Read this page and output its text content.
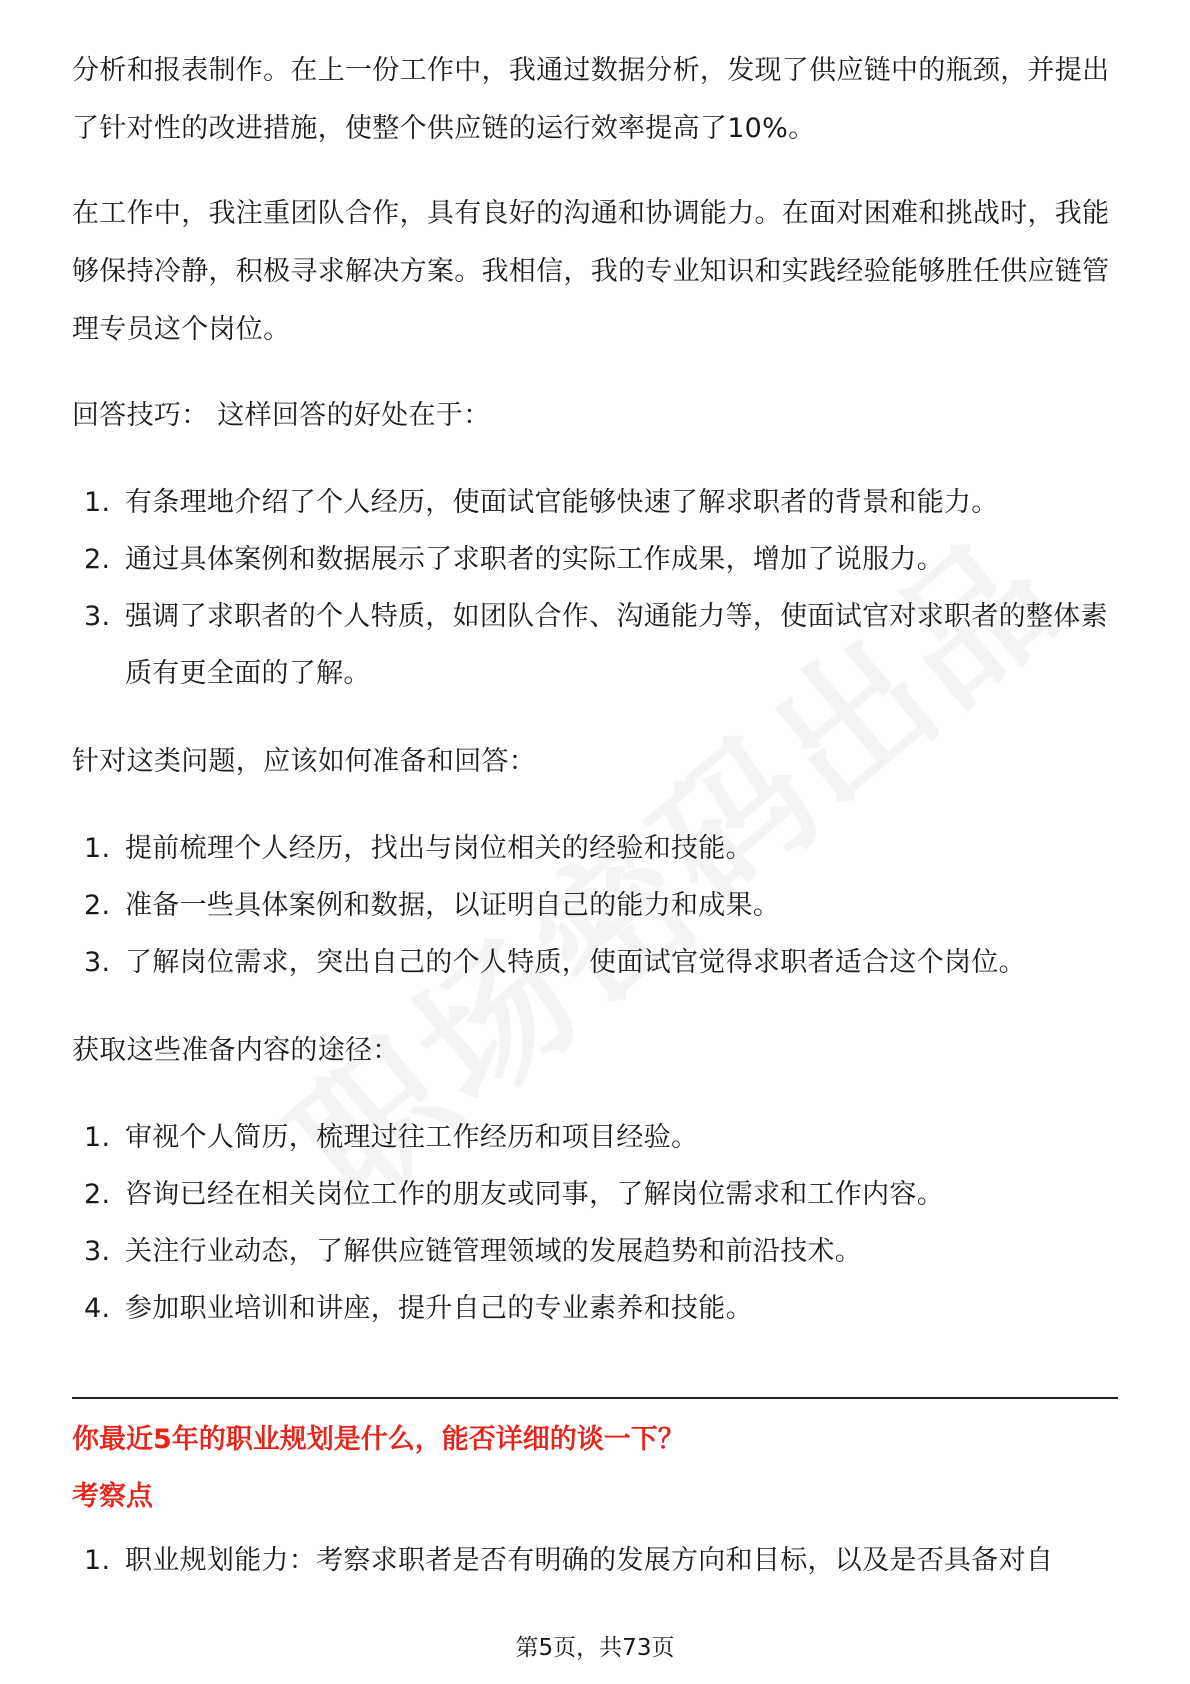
分析和报表制作。在上一份工作中，我通过数据分析，发现了供应链中的瓶颈，并提出了针对性的改进措施，使整个供应链的运行效率提高了10%。

在工作中，我注重团队合作，具有良好的沟通和协调能力。在面对困难和挑战时，我能够保持冷静，积极寻求解决方案。我相信，我的专业知识和实践经验能够胜任供应链管理专员这个岗位。

回答技巧： 这样回答的好处在于：

1. 有条理地介绍了个人经历，使面试官能够快速了解求职者的背景和能力。
2. 通过具体案例和数据展示了求职者的实际工作成果，增加了说服力。
3. 强调了求职者的个人特质，如团队合作、沟通能力等，使面试官对求职者的整体素质有更全面的了解。

针对这类问题，应该如何准备和回答：

1. 提前梳理个人经历，找出与岗位相关的经验和技能。
2. 准备一些具体案例和数据，以证明自己的能力和成果。
3. 了解岗位需求，突出自己的个人特质，使面试官觉得求职者适合这个岗位。

获取这些准备内容的途径：

1. 审视个人简历，梳理过往工作经历和项目经验。
2. 咨询已经在相关岗位工作的朋友或同事，了解岗位需求和工作内容。
3. 关注行业动态，了解供应链管理领域的发展趋势和前沿技术。
4. 参加职业培训和讲座，提升自己的专业素养和技能。
1. 职业规划能力：考察求职者是否有明确的发展方向和目标，以及是否具备对自

你最近5年的职业规划是什么，能否详细的谈一下？

考察点

第5页，共73页
